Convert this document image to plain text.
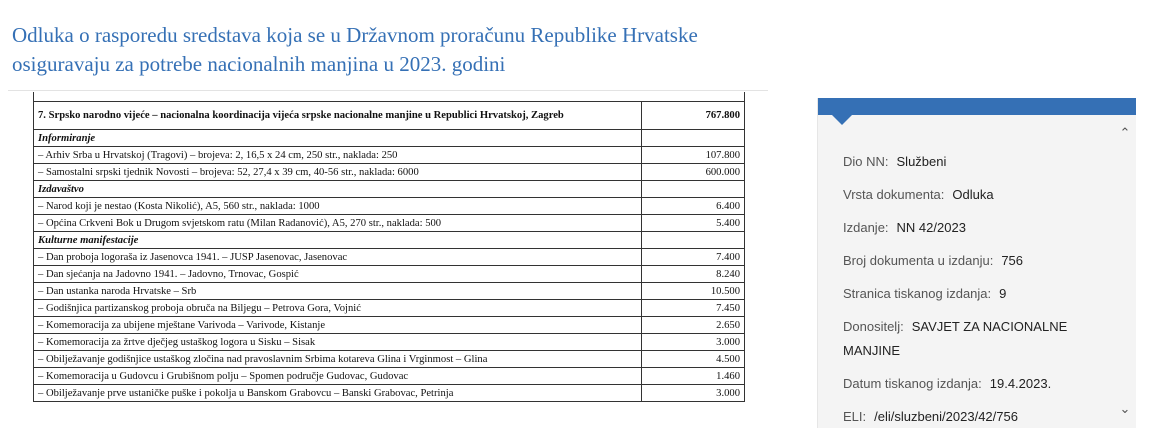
Odluka o rasporedu sredstava koja se u Državnom proračunu Republike Hrvatske osiguravaju za potrebe nacionalnih manjina u 2023. godini
7. Srpsko narodno vijeće – nacionalna koordinacija vijeća srpske nacionalne manjine u Republici Hrvatskoj, Zagreb	767.800
Informiranje	
– Arhiv Srba u Hrvatskoj (Tragovi) – brojeva: 2, 16,5 x 24 cm, 250 str., naklada: 250	107.800
– Samostalni srpski tjednik Novosti – brojeva: 52, 27,4 x 39 cm, 40-56 str., naklada: 6000	600.000
Izdavaštvo	
– Narod koji je nestao (Kosta Nikolić), A5, 560 str., naklada: 1000	6.400
– Općina Crkveni Bok u Drugom svjetskom ratu (Milan Radanović), A5, 270 str., naklada: 500	5.400
Kulturne manifestacije	
– Dan proboja logoraša iz Jasenovca 1941. – JUSP Jasenovac, Jasenovac	7.400
– Dan sjećanja na Jadovno 1941. – Jadovno, Trnovac, Gospić	8.240
– Dan ustanka naroda Hrvatske – Srb	10.500
– Godišnjica partizanskog proboja obruča na Biljegu – Petrova Gora, Vojnić	7.450
– Komemoracija za ubijene mještane Varivoda – Varivode, Kistanje	2.650
– Komemoracija za žrtve dječjeg ustaškog logora u Sisku – Sisak	3.000
– Obilježavanje godišnjice ustaškog zločina nad pravoslavnim Srbima kotareva Glina i Vrginmost – Glina	4.500
– Komemoracija u Gudovcu i Grubišnom polju – Spomen područje Gudovac, Gudovac	1.460
– Obilježavanje prve ustaničke puške i pokolja u Banskom Grabovcu – Banski Grabovac, Petrinja	3.000
⌃
Dio NN: Službeni
Vrsta dokumenta: Odluka
Izdanje: NN 42/2023
Broj dokumenta u izdanju: 756
Stranica tiskanog izdanja: 9
Donositelj: SAVJET ZA NACIONALNE MANJINE
Datum tiskanog izdanja: 19.4.2023.
ELI: /eli/sluzbeni/2023/42/756
⌄
